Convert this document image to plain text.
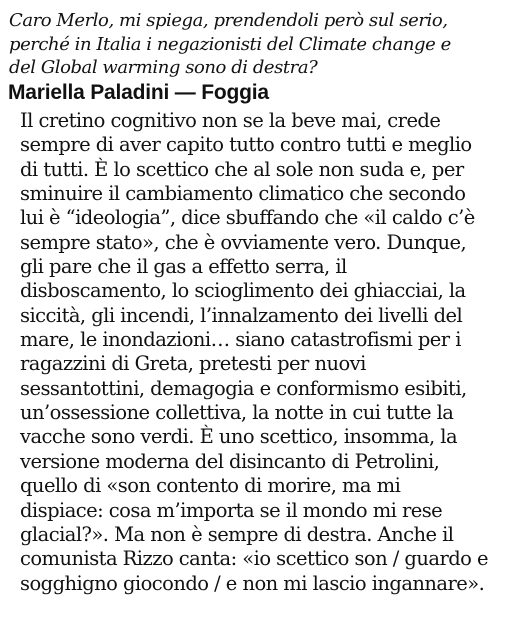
Caro Merlo, mi spiega, prendendoli però sul serio,
perché in Italia i negazionisti del Climate change e
del Global warming sono di destra?

Mariella Paladini — Foggia

Il cretino cognitivo non se la beve mai, crede
sempre di aver capito tutto contro tutti e meglio
di tutti. È lo scettico che al sole non suda e, per
sminuire il cambiamento climatico che secondo
lui è “ideologia”, dice sbuffando che «il caldo c’è
sempre stato», che è ovviamente vero. Dunque,
gli pare che il gas a effetto serra, il
disboscamento, lo scioglimento dei ghiacciai, la
siccità, gli incendi, l’innalzamento dei livelli del
mare, le inondazioni… siano catastrofismi per i
ragazzini di Greta, pretesti per nuovi
sessantottini, demagogia e conformismo esibiti,
un’ossessione collettiva, la notte in cui tutte la
vacche sono verdi. È uno scettico, insomma, la
versione moderna del disincanto di Petrolini,
quello di «son contento di morire, ma mi
dispiace: cosa m’importa se il mondo mi rese
glacial?». Ma non è sempre di destra. Anche il
comunista Rizzo canta: «io scettico son / guardo e
sogghigno giocondo / e non mi lascio ingannare».
